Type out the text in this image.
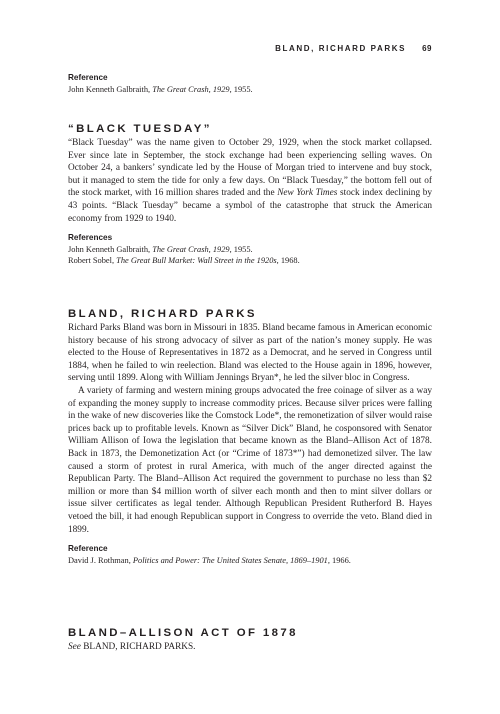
BLAND, RICHARD PARKS 69
Reference

John Kenneth Galbraith, The Great Crash, 1929, 1955.

“BLACK TUESDAY”

“Black Tuesday” was the name given to October 29, 1929, when the stock market collapsed. Ever since late in September, the stock exchange had been experiencing selling waves. On October 24, a bankers’ syndicate led by the House of Morgan tried to intervene and buy stock, but it managed to stem the tide for only a few days. On “Black Tuesday,” the bottom fell out of the stock market, with 16 million shares traded and the New York Times stock index declining by 43 points. “Black Tuesday” became a symbol of the catastrophe that struck the American economy from 1929 to 1940.

References

John Kenneth Galbraith, The Great Crash, 1929, 1955.

Robert Sobel, The Great Bull Market: Wall Street in the 1920s, 1968.

BLAND, RICHARD PARKS

Richard Parks Bland was born in Missouri in 1835. Bland became famous in American economic history because of his strong advocacy of silver as part of the nation’s money supply. He was elected to the House of Representatives in 1872 as a Democrat, and he served in Congress until 1884, when he failed to win reelection. Bland was elected to the House again in 1896, however, serving until 1899. Along with William Jennings Bryan*, he led the silver bloc in Congress.

A variety of farming and western mining groups advocated the free coinage of silver as a way of expanding the money supply to increase commodity prices. Because silver prices were falling in the wake of new discoveries like the Comstock Lode*, the remonetization of silver would raise prices back up to profitable levels. Known as “Silver Dick” Bland, he cosponsored with Senator William Allison of Iowa the legislation that became known as the Bland–Allison Act of 1878. Back in 1873, the Demonetization Act (or “Crime of 1873*”) had demonetized silver. The law caused a storm of protest in rural America, with much of the anger directed against the Republican Party. The Bland–Allison Act required the government to purchase no less than $2 million or more than $4 million worth of silver each month and then to mint silver dollars or issue silver certificates as legal tender. Although Republican President Rutherford B. Hayes vetoed the bill, it had enough Republican support in Congress to override the veto. Bland died in 1899.

Reference

David J. Rothman, Politics and Power: The United States Senate, 1869–1901, 1966.

BLAND–ALLISON ACT OF 1878

See BLAND, RICHARD PARKS.
